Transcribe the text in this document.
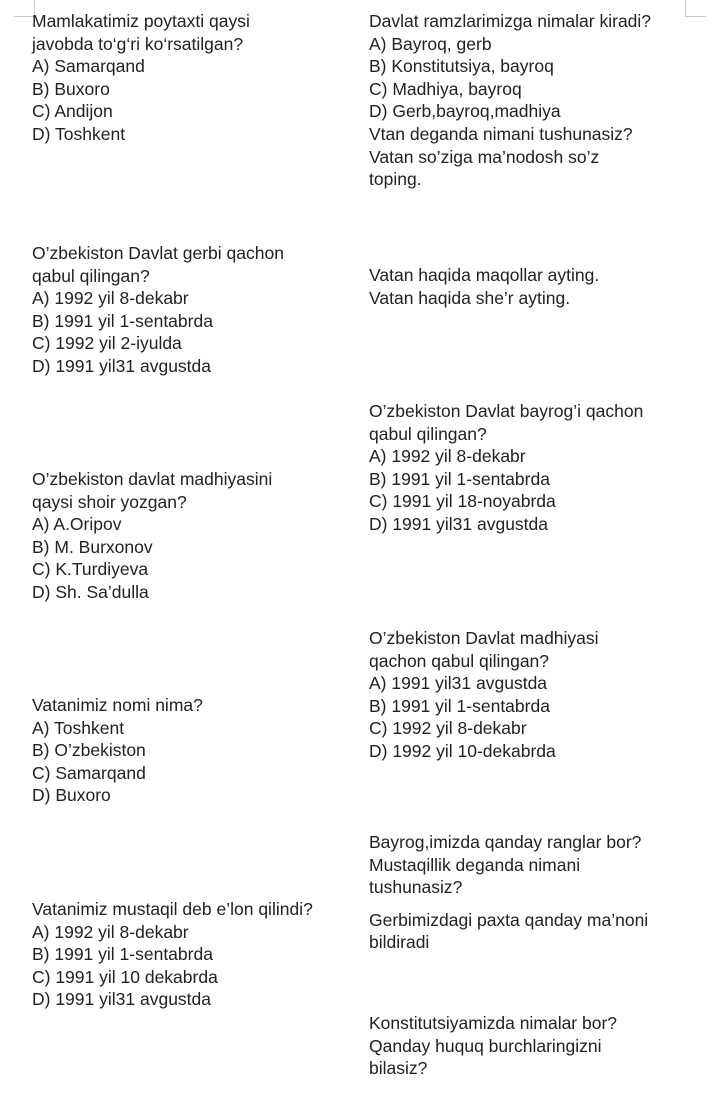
Mamlakatimiz poytaxti qaysi
javobda to‘g‘ri ko‘rsatilgan?
A) Samarqand
B) Buxoro
C) Andijon
D) Toshkent
O’zbekiston Davlat gerbi qachon
qabul qilingan?
A) 1992 yil 8-dekabr
B) 1991 yil 1-sentabrda
C) 1992 yil 2-iyulda
D) 1991 yil31 avgustda
O’zbekiston davlat madhiyasini
qaysi shoir yozgan?
A) A.Oripov
B) M. Burxonov
C) K.Turdiyeva
D) Sh. Sa’dulla
Vatanimiz nomi nima?
A) Toshkent
B) O’zbekiston
C) Samarqand
D) Buxoro
Vatanimiz mustaqil deb e’lon qilindi?
A) 1992 yil 8-dekabr
B) 1991 yil 1-sentabrda
C) 1991 yil 10 dekabrda
D) 1991 yil31 avgustda
Davlat ramzlarimizga nimalar kiradi?
A) Bayroq, gerb
B) Konstitutsiya, bayroq
C) Madhiya, bayroq
D) Gerb,bayroq,madhiya
Vtan deganda nimani tushunasiz?
Vatan so’ziga ma’nodosh so’z
toping.
Vatan haqida maqollar ayting.
Vatan haqida she’r ayting.
O’zbekiston Davlat bayrog’i qachon
qabul qilingan?
A) 1992 yil 8-dekabr
B) 1991 yil 1-sentabrda
C) 1991 yil 18-noyabrda
D) 1991 yil31 avgustda
O’zbekiston Davlat madhiyasi
qachon qabul qilingan?
A) 1991 yil31 avgustda
B) 1991 yil 1-sentabrda
C) 1992 yil 8-dekabr
D) 1992 yil 10-dekabrda
Bayrog,imizda qanday ranglar bor?
Mustaqillik deganda nimani
tushunasiz?
Gerbimizdagi paxta qanday ma’noni
bildiradi
Konstitutsiyamizda nimalar bor?
Qanday huquq burchlaringizni
bilasiz?
